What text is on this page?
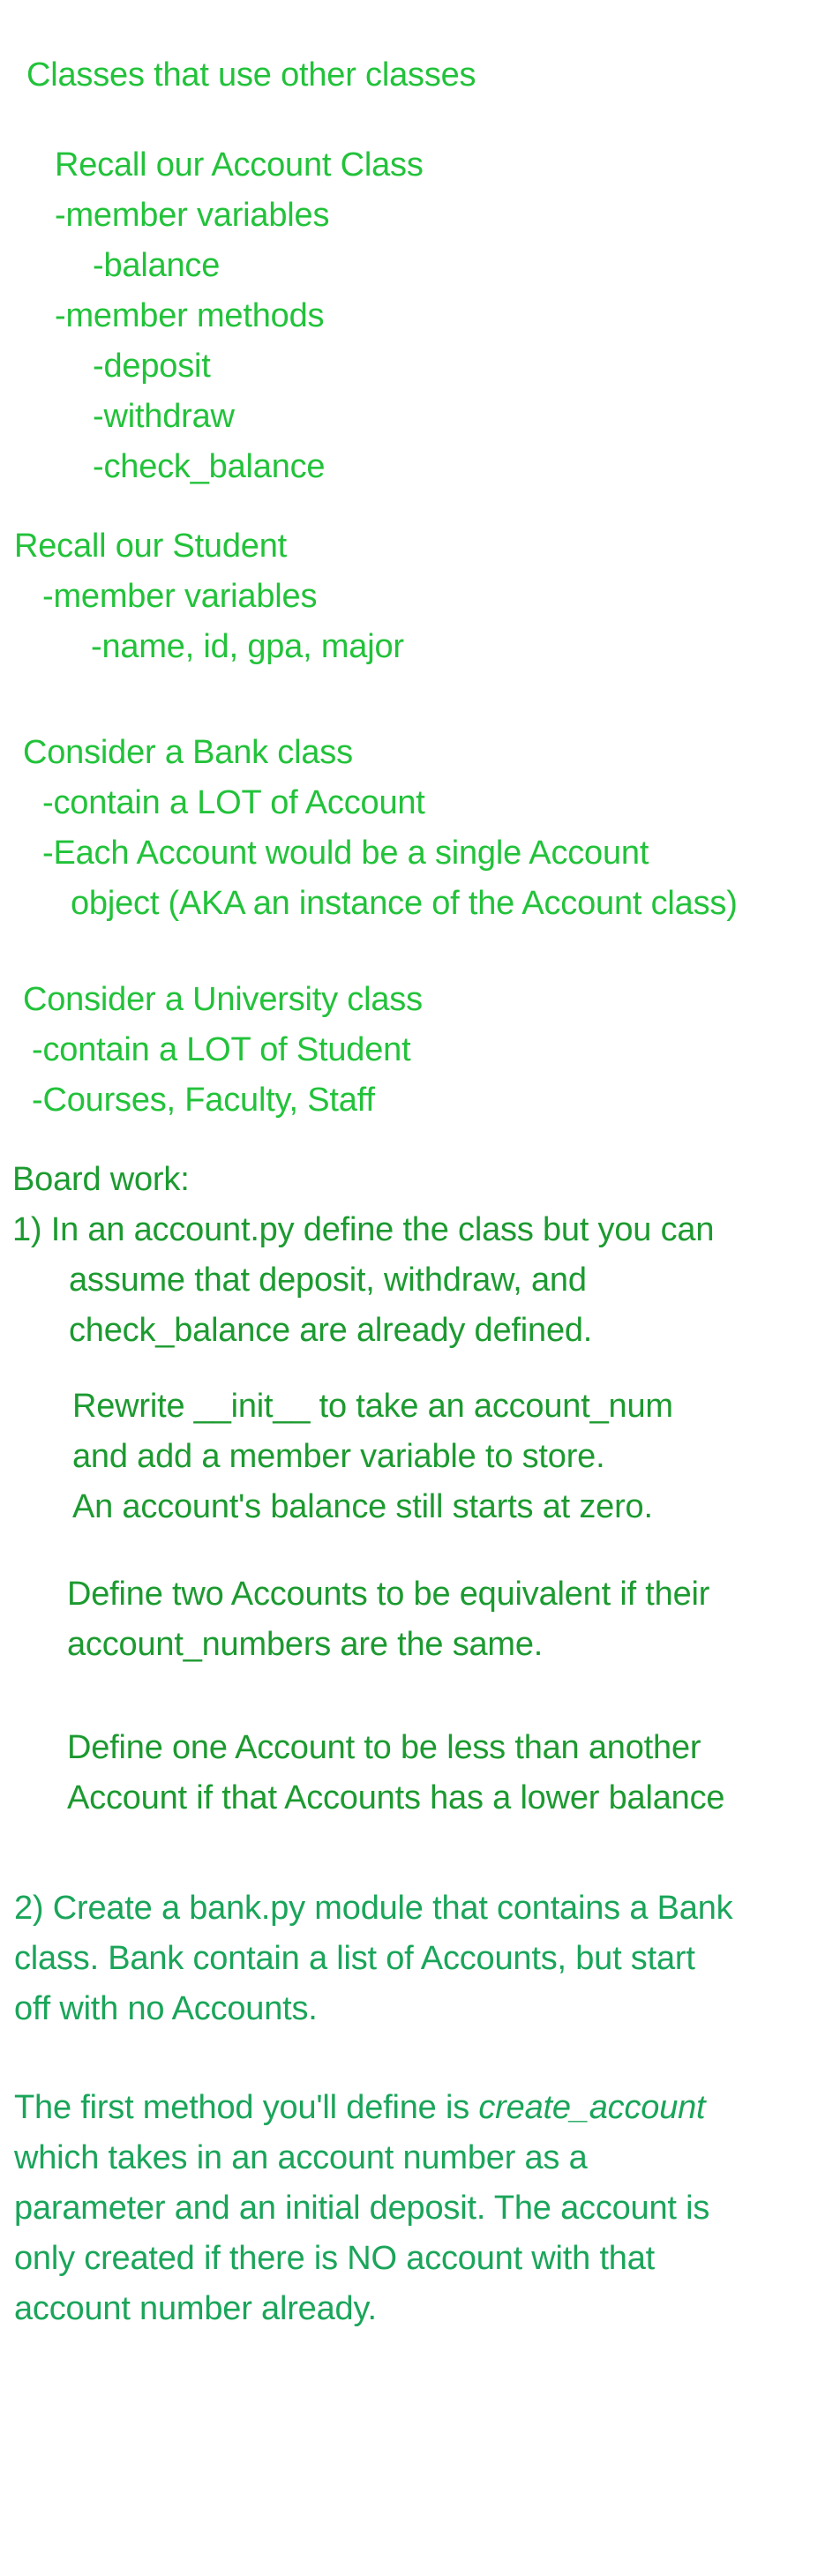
Classes that use other classes
Recall our Account Class
-member variables
-balance
-member methods
-deposit
-withdraw
-check_balance
Recall our Student
-member variables
-name, id, gpa, major
Consider a Bank class
-contain a LOT of Account
-Each Account would be a single Account
object (AKA an instance of the Account class)
Consider a University class
-contain a LOT of Student
-Courses, Faculty, Staff
Board work:
1) In an account.py define the class but you can
assume that deposit, withdraw, and
check_balance are already defined.
Rewrite __init__ to take an account_num
and add a member variable to store.
An account's balance still starts at zero.
Define two Accounts to be equivalent if their
account_numbers are the same.
Define one Account to be less than another
Account if that Accounts has a lower balance
2) Create a bank.py module that contains a Bank
class. Bank contain a list of Accounts, but start
off with no Accounts.
The first method you'll define is create_account
which takes in an account number as a
parameter and an initial deposit. The account is
only created if there is NO account with that
account number already.
